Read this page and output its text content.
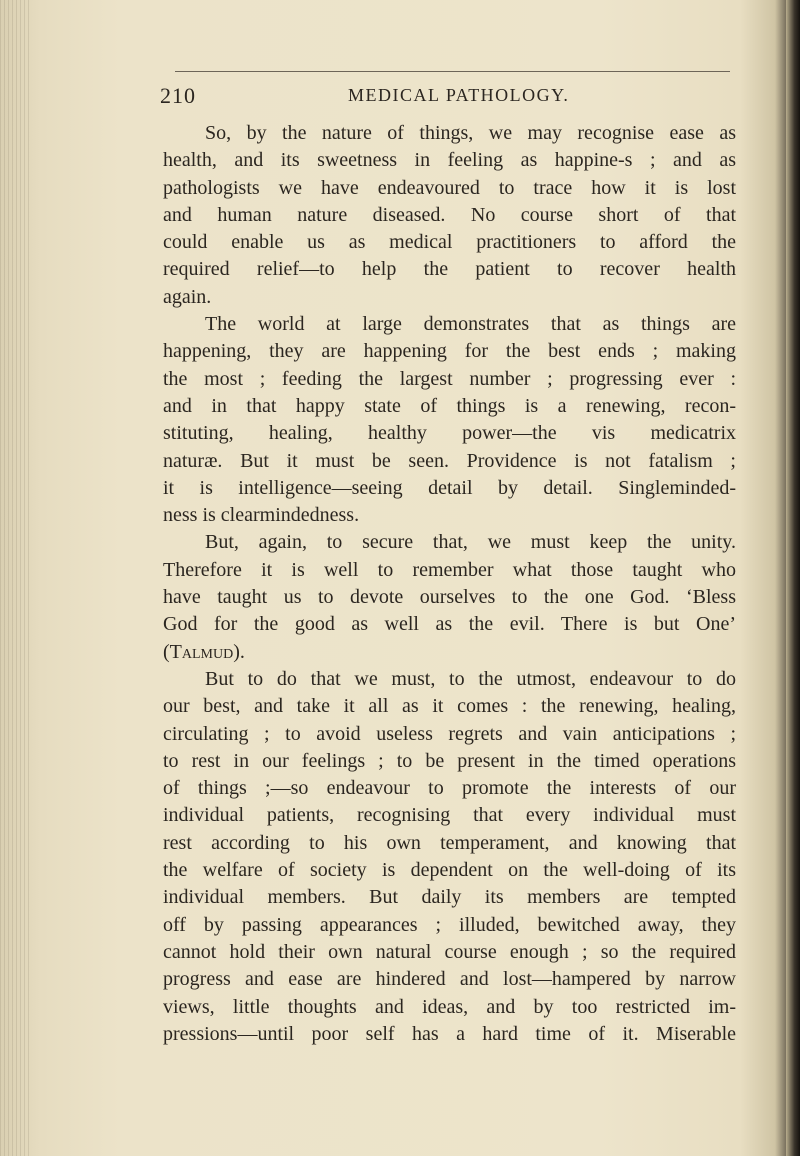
210	MEDICAL PATHOLOGY.
So, by the nature of things, we may recognise ease as
health, and its sweetness in feeling as happine-s ; and as
pathologists we have endeavoured to trace how it is lost
and human nature diseased. No course short of that
could enable us as medical practitioners to afford the
required relief—to help the patient to recover health
again.
The world at large demonstrates that as things are
happening, they are happening for the best ends ; making
the most ; feeding the largest number ; progressing ever :
and in that happy state of things is a renewing, recon-
stituting, healing, healthy power—the vis medicatrix
naturæ. But it must be seen. Providence is not fatalism ;
it is intelligence—seeing detail by detail. Singleminded-
ness is clearmindedness.
But, again, to secure that, we must keep the unity.
Therefore it is well to remember what those taught who
have taught us to devote ourselves to the one God. ‘Bless
God for the good as well as the evil. There is but One’
(Talmud).
But to do that we must, to the utmost, endeavour to do
our best, and take it all as it comes : the renewing, healing,
circulating ; to avoid useless regrets and vain anticipations ;
to rest in our feelings ; to be present in the timed operations
of things ;—so endeavour to promote the interests of our
individual patients, recognising that every individual must
rest according to his own temperament, and knowing that
the welfare of society is dependent on the well-doing of its
individual members. But daily its members are tempted
off by passing appearances ; illuded, bewitched away, they
cannot hold their own natural course enough ; so the required
progress and ease are hindered and lost—hampered by narrow
views, little thoughts and ideas, and by too restricted im-
pressions—until poor self has a hard time of it. Miserable
